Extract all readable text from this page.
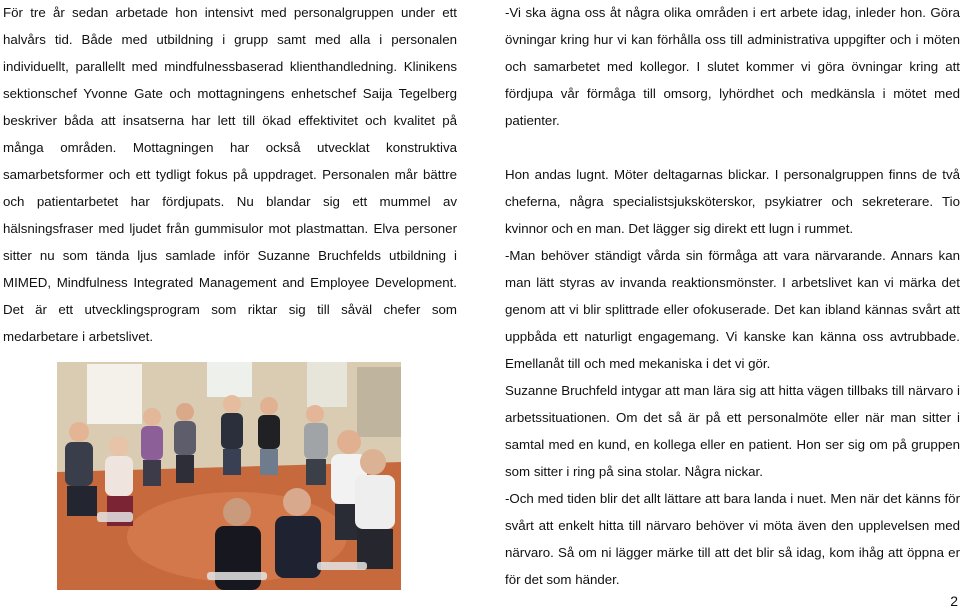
För tre år sedan arbetade hon intensivt med personalgruppen under ett halvårs tid. Både med utbildning i grupp samt med alla i personalen individuellt, parallellt med mindfulnessbaserad klienthandledning. Klinikens sektionschef Yvonne Gate och mottagningens enhetschef Saija Tegelberg beskriver båda att insatserna har lett till ökad effektivitet och kvalitet på många områden. Mottagningen har också utvecklat konstruktiva samarbetsformer och ett tydligt fokus på uppdraget. Personalen mår bättre och patientarbetet har fördjupats. Nu blandar sig ett mummel av hälsningsfraser med ljudet från gummisulor mot plastmattan. Elva personer sitter nu som tända ljus samlade inför Suzanne Bruchfelds utbildning i MIMED, Mindfulness Integrated Management and Employee Development. Det är ett utvecklingsprogram som riktar sig till såväl chefer som medarbetare i arbetslivet.

-Vi ska ägna oss åt några olika områden i ert arbete idag, inleder hon. Göra övningar kring hur vi kan förhålla oss till administrativa uppgifter och i möten och samarbetet med kollegor. I slutet kommer vi göra övningar kring att fördjupa vår förmåga till omsorg, lyhördhet och medkänsla i mötet med patienter.

Hon andas lugnt. Möter deltagarnas blickar. I personalgruppen finns de två cheferna, några specialistsjuksköterskor, psykiatrer och sekreterare. Tio kvinnor och en man. Det lägger sig direkt ett lugn i rummet.

-Man behöver ständigt vårda sin förmåga att vara närvarande. Annars kan man lätt styras av invanda reaktionsmönster. I arbetslivet kan vi märka det genom att vi blir splittrade eller ofokuserade. Det kan ibland kännas svårt att uppbåda ett naturligt engagemang. Vi kanske kan känna oss avtrubbade. Emellanåt till och med mekaniska i det vi gör.

Suzanne Bruchfeld intygar att man lära sig att hitta vägen tillbaks till närvaro i arbetssituationen. Om det så är på ett personalmöte eller när man sitter i samtal med en kund, en kollega eller en patient. Hon ser sig om på gruppen som sitter i ring på sina stolar. Några nickar.

-Och med tiden blir det allt lättare att bara landa i nuet. Men när det känns för svårt att enkelt hitta till närvaro behöver vi möta även den upplevelsen med närvaro. Så om ni lägger märke till att det blir så idag, kom ihåg att öppna er för det som händer.

2
